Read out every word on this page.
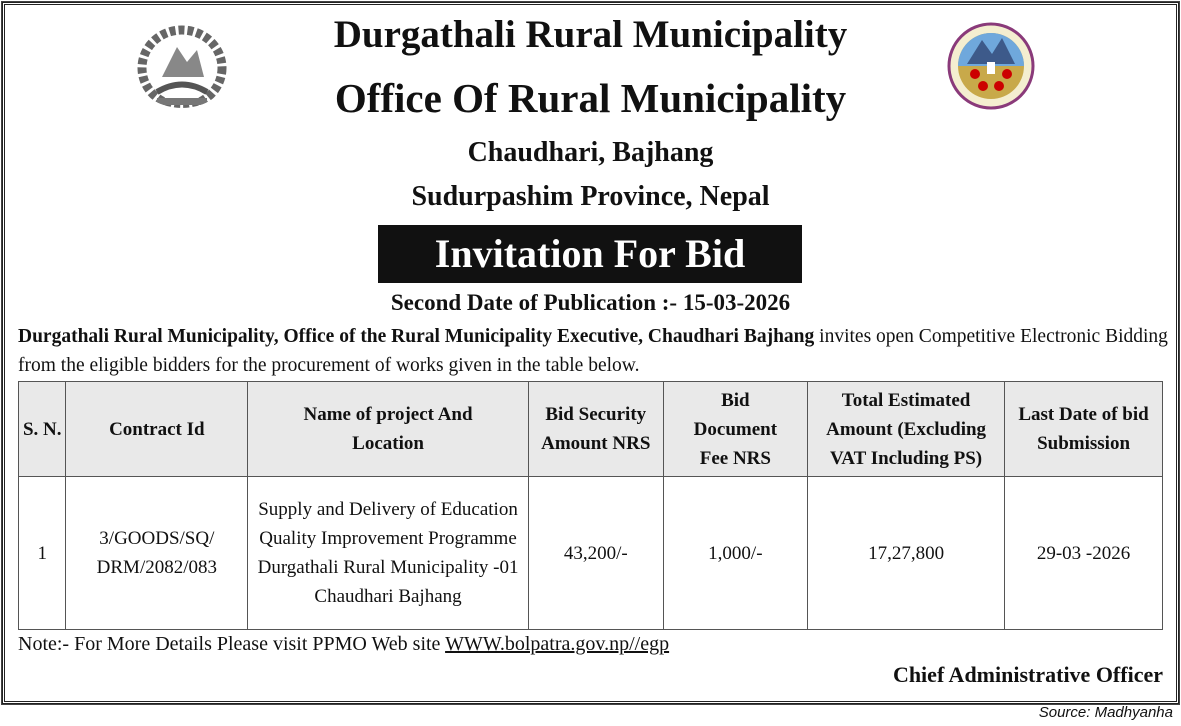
Durgathali Rural Municipality
Office Of Rural Municipality
Chaudhari, Bajhang
Sudurpashim Province, Nepal
Invitation For Bid
Second Date of Publication :- 15-03-2026
Durgathali Rural Municipality, Office of the Rural Municipality Executive, Chaudhari Bajhang invites open Competitive Electronic Bidding from the eligible bidders for the procurement of works given in the table below.
S. N.	Contract Id	Name of project And Location	Bid Security Amount NRS	Bid Document Fee NRS	Total Estimated Amount (Excluding VAT Including PS)	Last Date of bid Submission
1	3/GOODS/SQ/ DRM/2082/083	Supply and Delivery of Education Quality Improvement Programme Durgathali Rural Municipality -01 Chaudhari Bajhang	43,200/-	1,000/-	17,27,800	29-03 -2026
Note:- For More Details Please visit PPMO Web site WWW.bolpatra.gov.np//egp
Chief Administrative Officer
Source: Madhyanha
